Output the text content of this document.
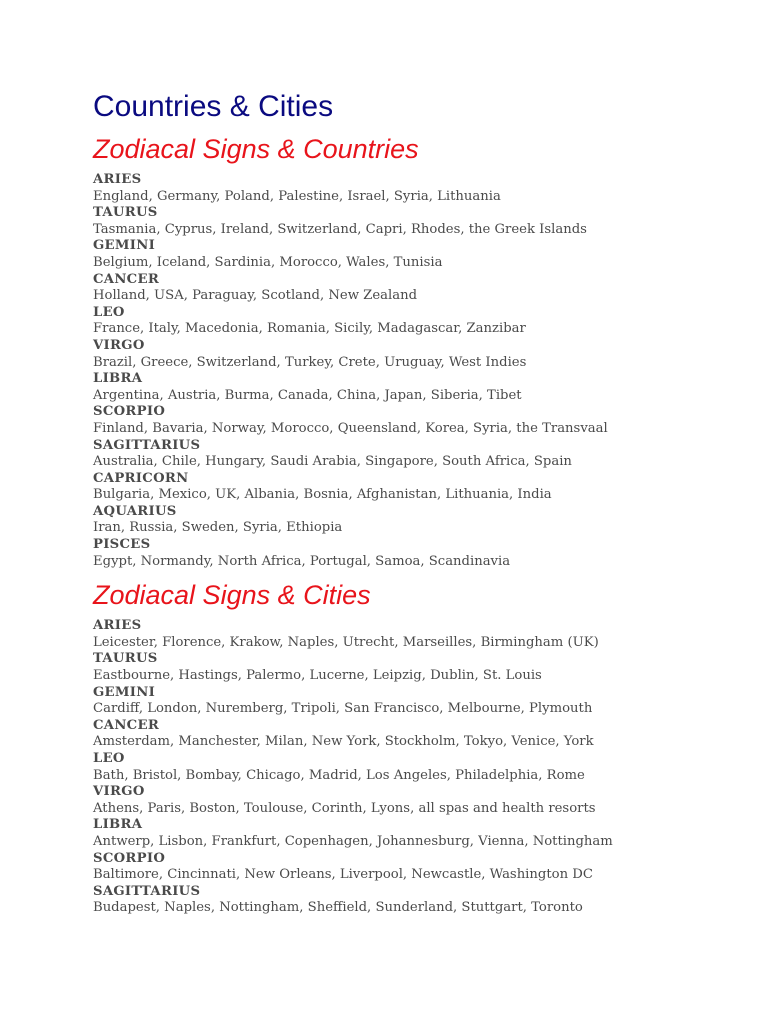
Countries & Cities
Zodiacal Signs & Countries
ARIES
England, Germany, Poland, Palestine, Israel, Syria, Lithuania
TAURUS
Tasmania, Cyprus, Ireland, Switzerland, Capri, Rhodes, the Greek Islands
GEMINI
Belgium, Iceland, Sardinia, Morocco, Wales, Tunisia
CANCER
Holland, USA, Paraguay, Scotland, New Zealand
LEO
France, Italy, Macedonia, Romania, Sicily, Madagascar, Zanzibar
VIRGO
Brazil, Greece, Switzerland, Turkey, Crete, Uruguay, West Indies
LIBRA
Argentina, Austria, Burma, Canada, China, Japan, Siberia, Tibet
SCORPIO
Finland, Bavaria, Norway, Morocco, Queensland, Korea, Syria, the Transvaal
SAGITTARIUS
Australia, Chile, Hungary, Saudi Arabia, Singapore, South Africa, Spain
CAPRICORN
Bulgaria, Mexico, UK, Albania, Bosnia, Afghanistan, Lithuania, India
AQUARIUS
Iran, Russia, Sweden, Syria, Ethiopia
PISCES
Egypt, Normandy, North Africa, Portugal, Samoa, Scandinavia
Zodiacal Signs & Cities
ARIES
Leicester, Florence, Krakow, Naples, Utrecht, Marseilles, Birmingham (UK)
TAURUS
Eastbourne, Hastings, Palermo, Lucerne, Leipzig, Dublin, St. Louis
GEMINI
Cardiff, London, Nuremberg, Tripoli, San Francisco, Melbourne, Plymouth
CANCER
Amsterdam, Manchester, Milan, New York, Stockholm, Tokyo, Venice, York
LEO
Bath, Bristol, Bombay, Chicago, Madrid, Los Angeles, Philadelphia, Rome
VIRGO
Athens, Paris, Boston, Toulouse, Corinth, Lyons, all spas and health resorts
LIBRA
Antwerp, Lisbon, Frankfurt, Copenhagen, Johannesburg, Vienna, Nottingham
SCORPIO
Baltimore, Cincinnati, New Orleans, Liverpool, Newcastle, Washington DC
SAGITTARIUS
Budapest, Naples, Nottingham, Sheffield, Sunderland, Stuttgart, Toronto
